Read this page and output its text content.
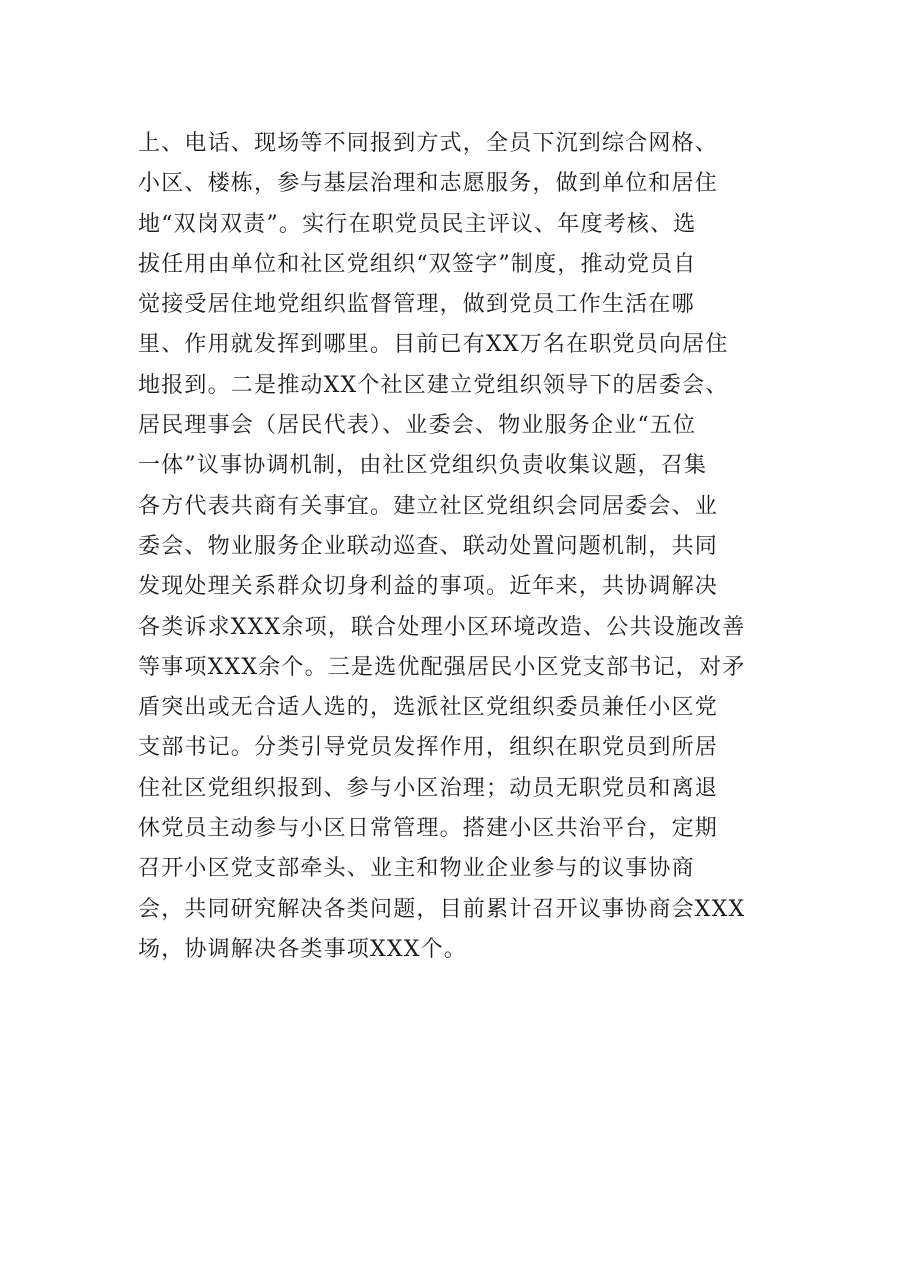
上、电话、现场等不同报到方式，全员下沉到综合网格、
小区、楼栋，参与基层治理和志愿服务，做到单位和居住
地“双岗双责”。实行在职党员民主评议、年度考核、选
拔任用由单位和社区党组织“双签字”制度，推动党员自
觉接受居住地党组织监督管理，做到党员工作生活在哪
里、作用就发挥到哪里。目前已有XX万名在职党员向居住
地报到。二是推动XX个社区建立党组织领导下的居委会、
居民理事会（居民代表）、业委会、物业服务企业“五位
一体”议事协调机制，由社区党组织负责收集议题，召集
各方代表共商有关事宜。建立社区党组织会同居委会、业
委会、物业服务企业联动巡查、联动处置问题机制，共同
发现处理关系群众切身利益的事项。近年来，共协调解决
各类诉求XXX余项，联合处理小区环境改造、公共设施改善
等事项XXX余个。三是选优配强居民小区党支部书记，对矛
盾突出或无合适人选的，选派社区党组织委员兼任小区党
支部书记。分类引导党员发挥作用，组织在职党员到所居
住社区党组织报到、参与小区治理；动员无职党员和离退
休党员主动参与小区日常管理。搭建小区共治平台，定期
召开小区党支部牵头、业主和物业企业参与的议事协商
会，共同研究解决各类问题，目前累计召开议事协商会XXX
场，协调解决各类事项XXX个。
